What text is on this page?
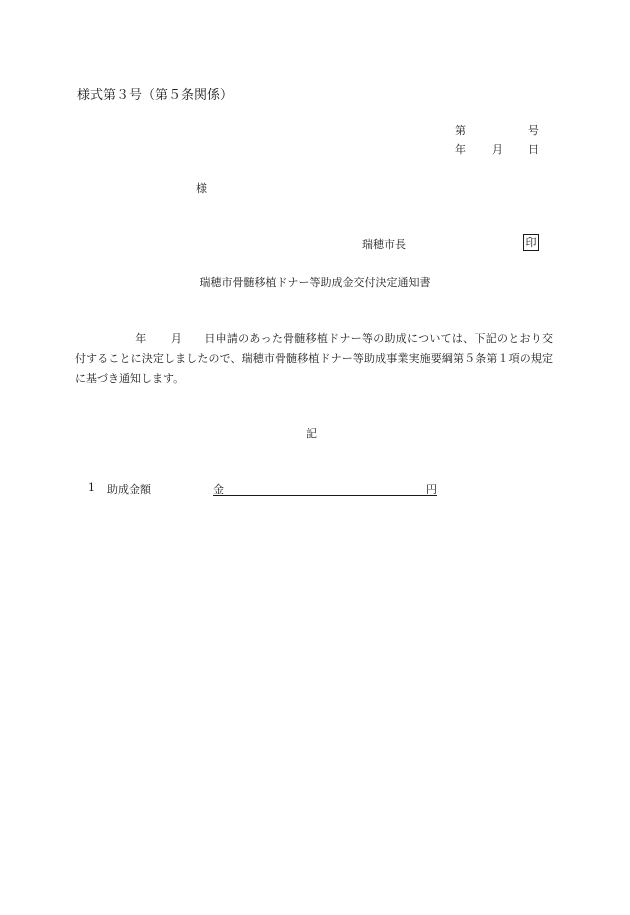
様式第３号（第５条関係）
第	号
年 月 日
様
瑞穂市長	印
瑞穂市骨髄移植ドナー等助成金交付決定通知書
年 月 日申請のあった骨髄移植ドナー等の助成については、下記のとおり交付することに決定しましたので、瑞穂市骨髄移植ドナー等助成事業実施要綱第５条第１項の規定に基づき通知します。
記
1 助成金額	金	円
